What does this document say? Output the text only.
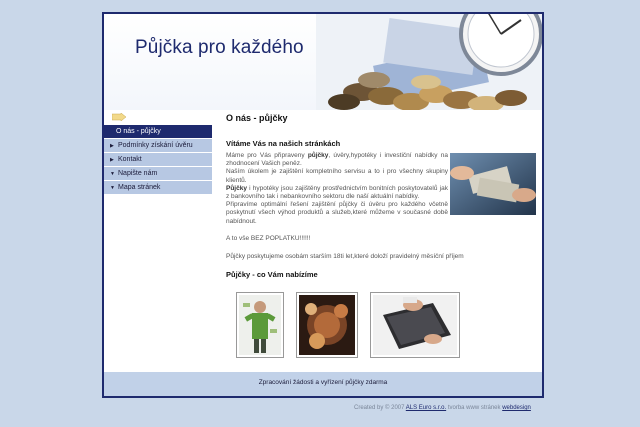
Půjčka pro každého
O nás - půjčky
▶ Podmínky získání úvěru
▶ Kontakt
▼ Napište nám
▼ Mapa stránek
O nás - půjčky
Vítáme Vás na našich stránkách
Máme pro Vás připraveny půjčky, úvěry,hypotéky i investiční nabídky na zhodnocení Vašich peněz.
Naším úkolem je zajištění kompletního servisu a to i pro všechny skupiny klientů.
Půjčky i hypotéky jsou zajištěny prostřednictvím bonitních poskytovatelů jak z bankovního tak i nebankovního sektoru dle naší aktuální nabídky.
Připravíme optimální řešení zajištění půjčky či úvěru pro každého včetně poskytnutí všech výhod produktů a služeb,které můžeme v současné době nabídnout.
A to vše BEZ POPLATKU!!!!!!
Půjčky poskytujeme osobám starším 18ti let,které doloží pravidelný měsíční příjem
Půjčky - co Vám nabízíme
Zpracování žádosti a vyřízení půjčky zdarma
Created by © 2007 ALS Euro s.r.o. tvorba www stránek webdesign
